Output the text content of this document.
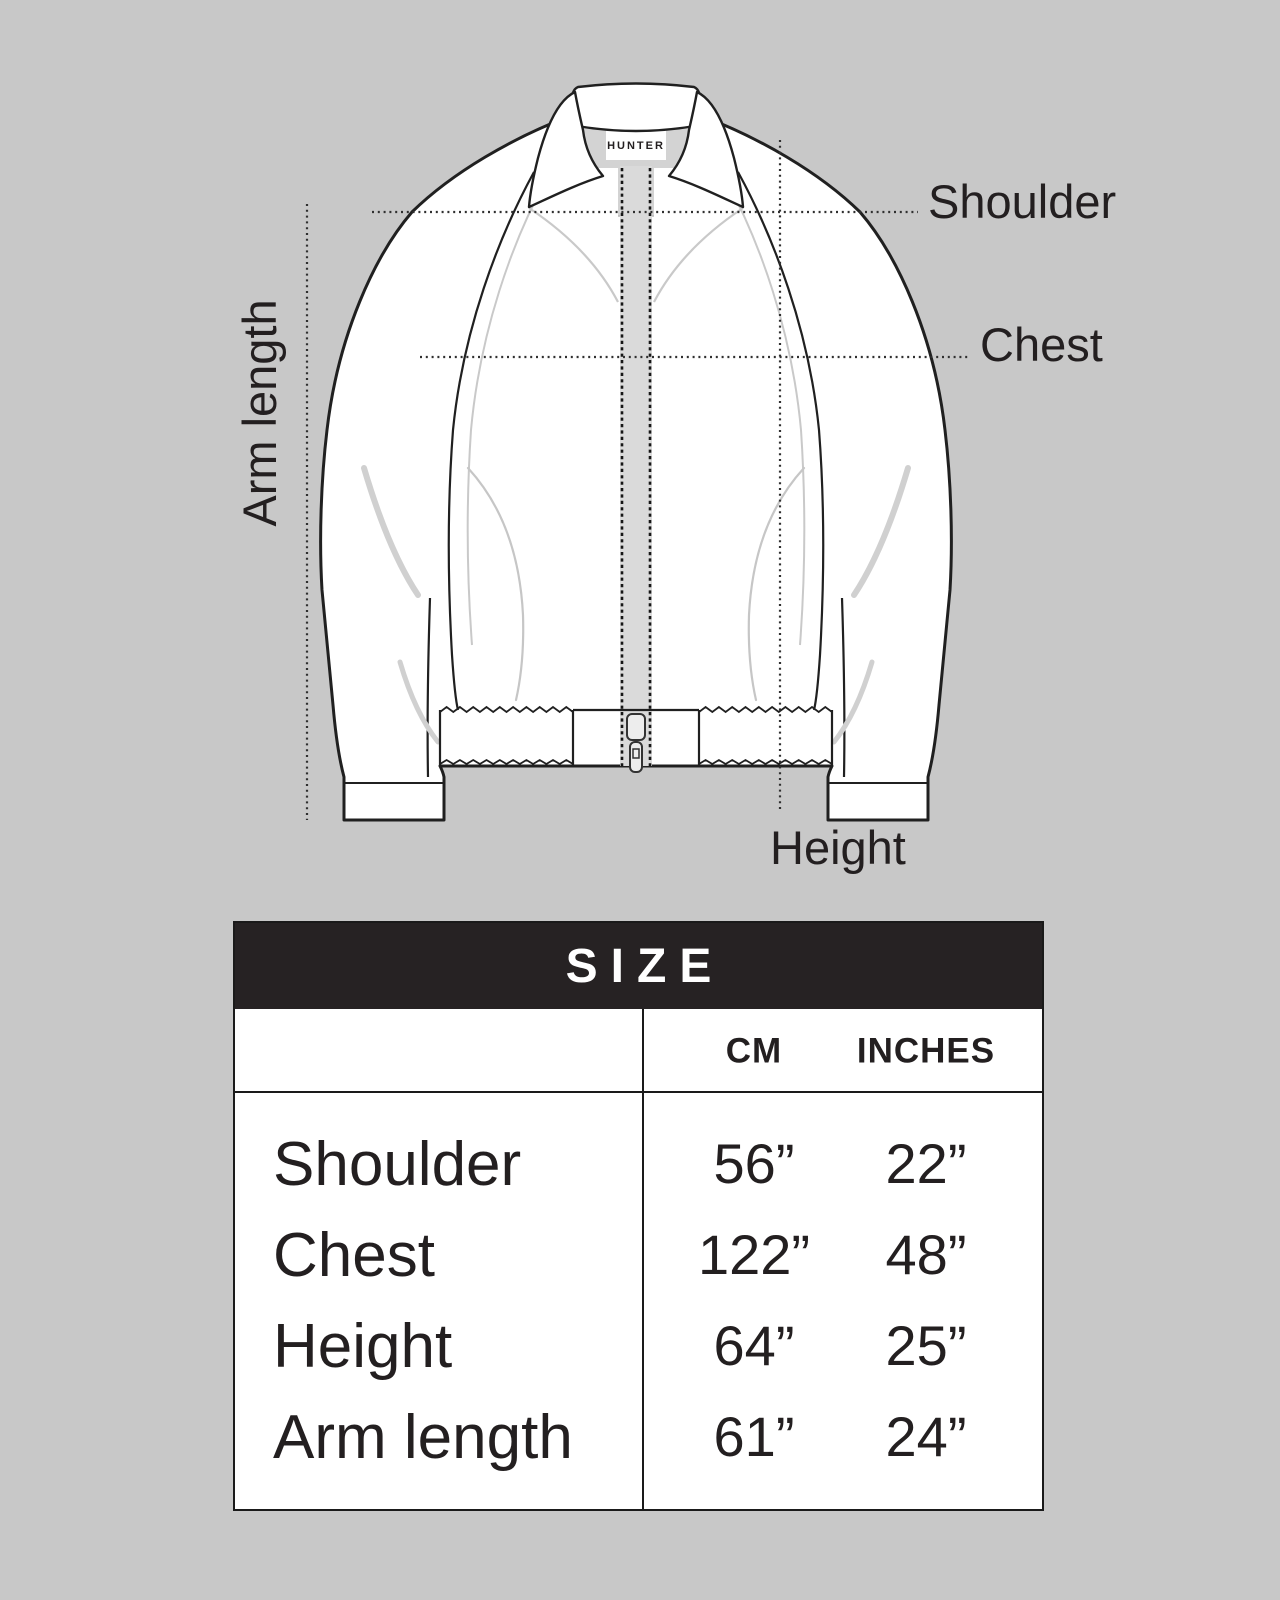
HUNTER
Shoulder
Chest
Arm length
Height
SIZE
CM INCHES
Shoulder	56” 22”
Chest	122” 48”
Height	64” 25”
Arm length	61” 24”
